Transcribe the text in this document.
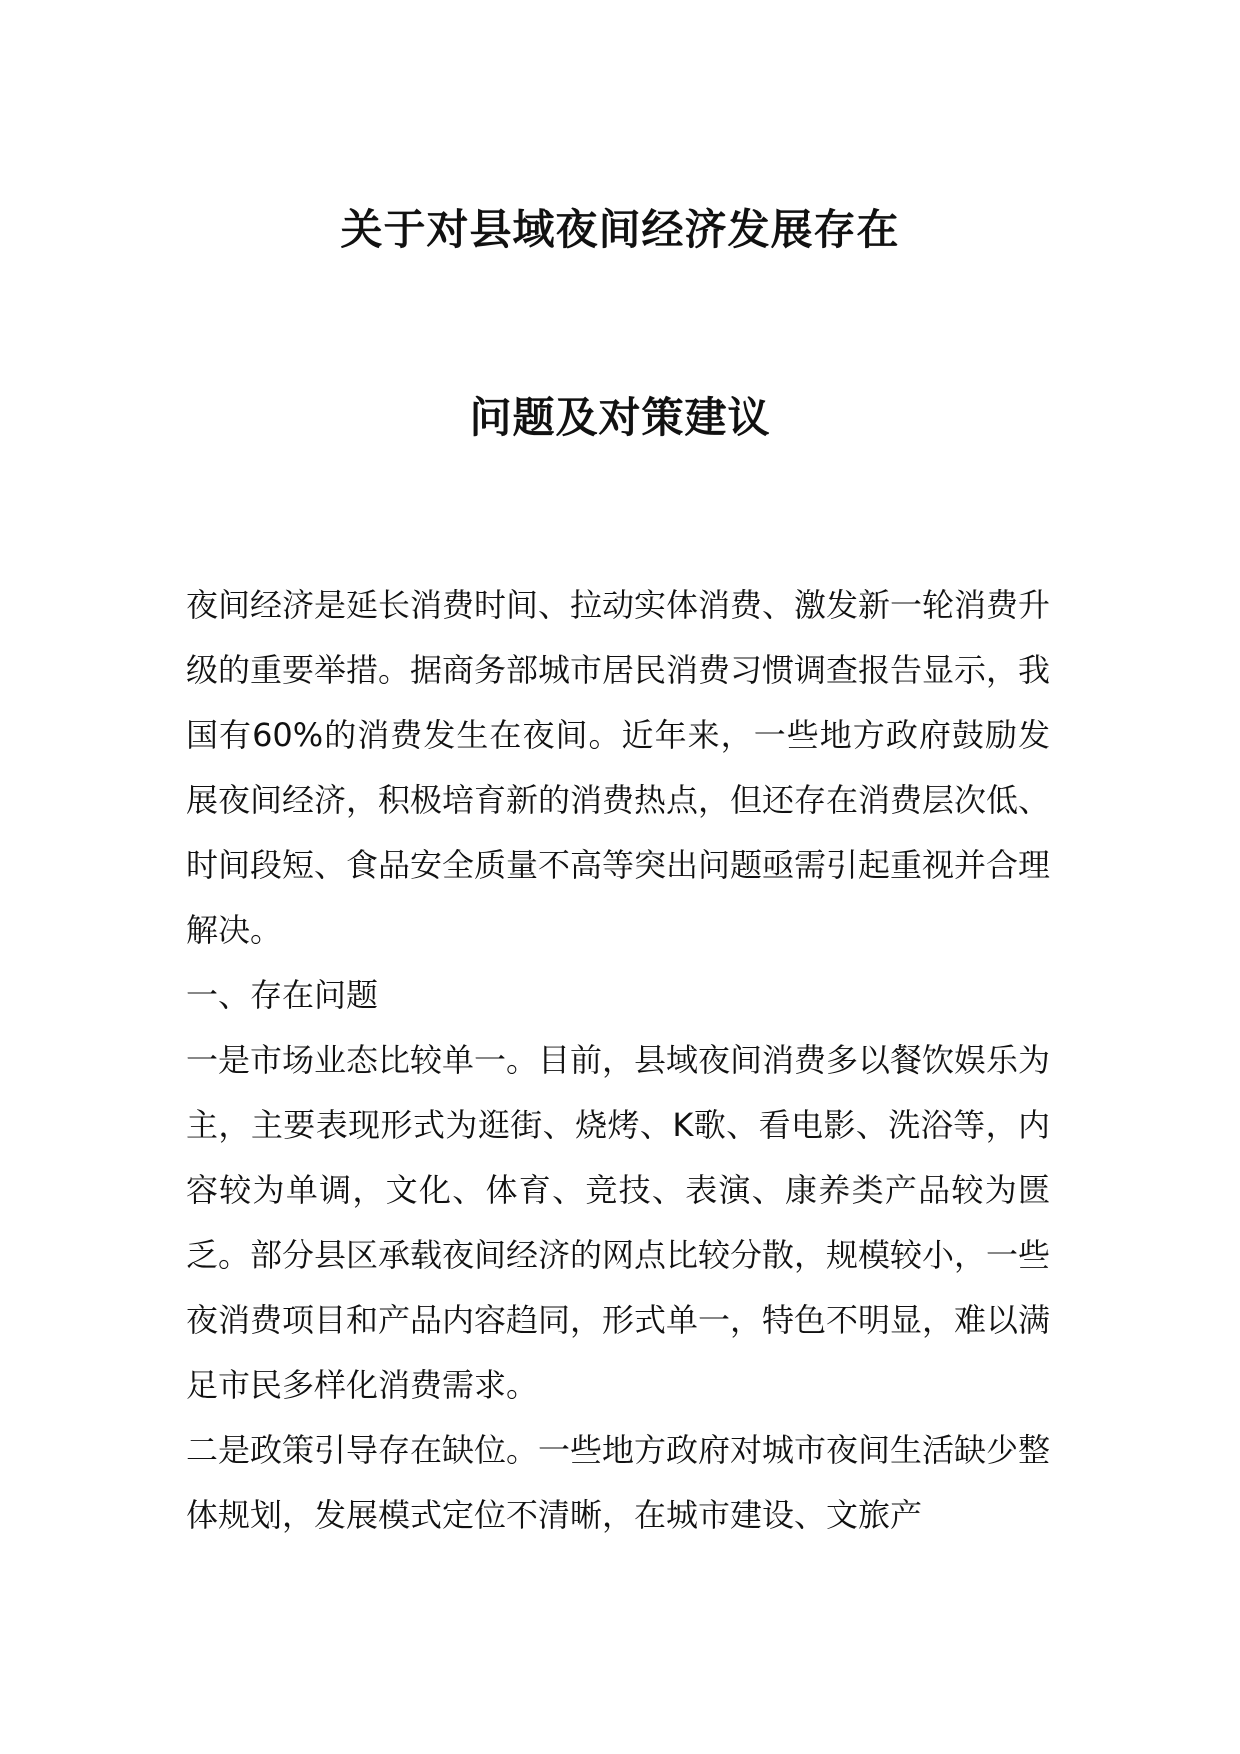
关于对县域夜间经济发展存在
问题及对策建议

夜间经济是延长消费时间、拉动实体消费、激发新一轮消费升级的重要举措。据商务部城市居民消费习惯调查报告显示，我国有60%的消费发生在夜间。近年来，一些地方政府鼓励发展夜间经济，积极培育新的消费热点，但还存在消费层次低、时间段短、食品安全质量不高等突出问题亟需引起重视并合理解决。

一、存在问题

一是市场业态比较单一。目前，县域夜间消费多以餐饮娱乐为主，主要表现形式为逛街、烧烤、K歌、看电影、洗浴等，内容较为单调，文化、体育、竞技、表演、康养类产品较为匮乏。部分县区承载夜间经济的网点比较分散，规模较小，一些夜消费项目和产品内容趋同，形式单一，特色不明显，难以满足市民多样化消费需求。

二是政策引导存在缺位。一些地方政府对城市夜间生活缺少整体规划，发展模式定位不清晰，在城市建设、文旅产
